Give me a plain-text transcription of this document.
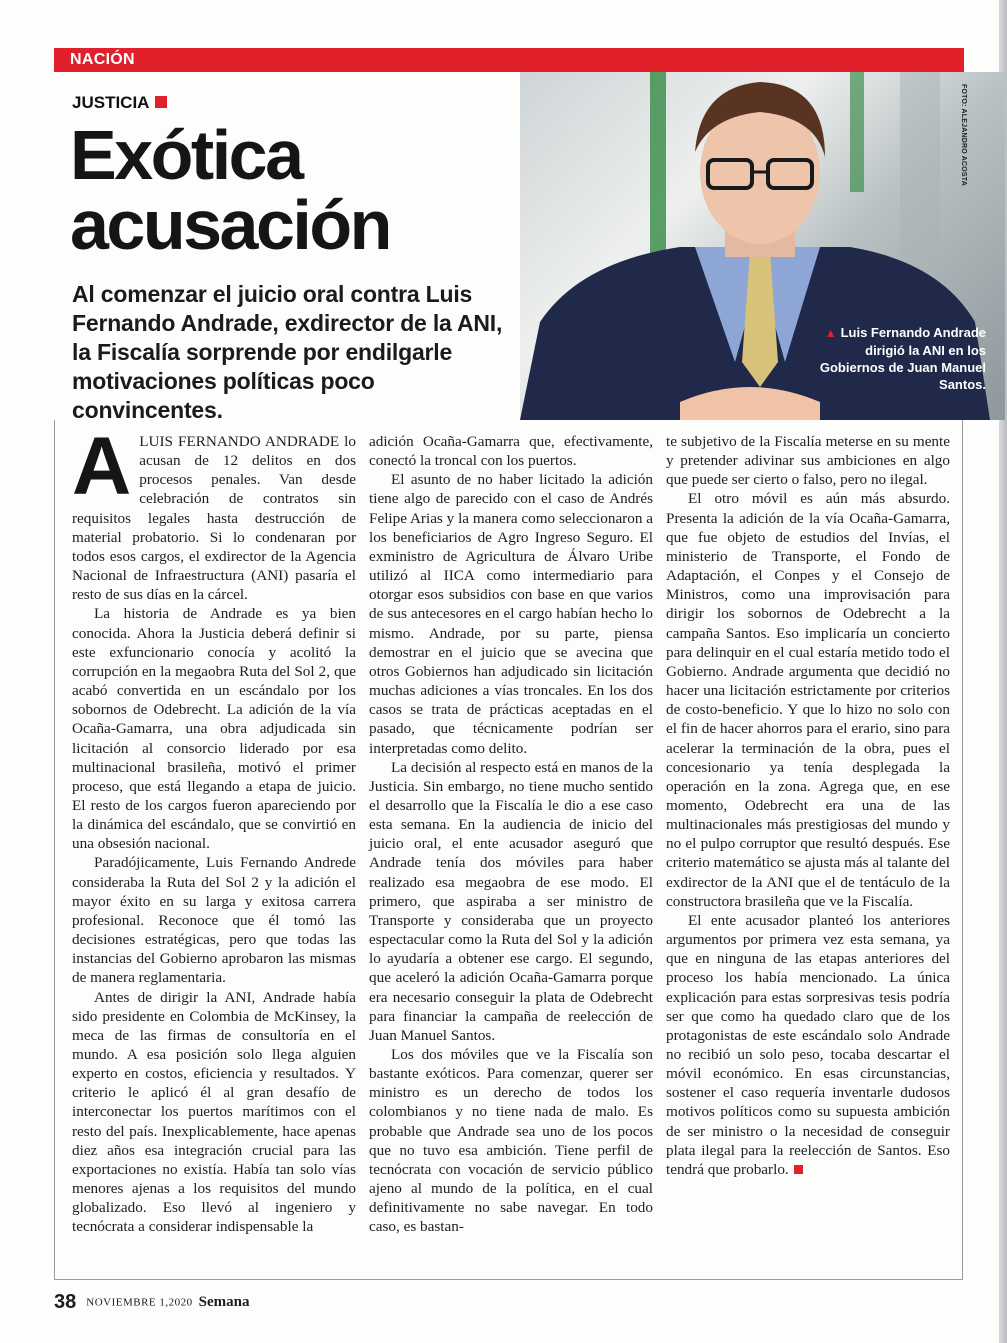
NACIÓN
FOTO: ALEJANDRO ACOSTA
▲ Luis Fernando Andrade dirigió la ANI en los Gobiernos de Juan Manuel Santos.
JUSTICIA
Exótica
acusación
Al comenzar el juicio oral contra Luis Fernando Andrade, exdirector de la ANI, la Fiscalía sorprende por endilgarle motivaciones políticas poco convincentes.
A LUIS FERNANDO ANDRADE lo acusan de 12 delitos en dos procesos penales. Van desde celebración de contratos sin requisitos legales hasta destrucción de material probatorio. Si lo condenaran por todos esos cargos, el exdirector de la Agencia Nacional de Infraestructura (ANI) pasaría el resto de sus días en la cárcel.

La historia de Andrade es ya bien conocida. Ahora la Justicia deberá definir si este exfuncionario conocía y acolitó la corrupción en la megaobra Ruta del Sol 2, que acabó convertida en un escándalo por los sobornos de Odebrecht. La adición de la vía Ocaña-Gamarra, una obra adjudicada sin licitación al consorcio liderado por esa multinacional brasileña, motivó el primer proceso, que está llegando a etapa de juicio. El resto de los cargos fueron apareciendo por la dinámica del escándalo, que se convirtió en una obsesión nacional.

Paradójicamente, Luis Fernando Andrede consideraba la Ruta del Sol 2 y la adición el mayor éxito en su larga y exitosa carrera profesional. Reconoce que él tomó las decisiones estratégicas, pero que todas las instancias del Gobierno aprobaron las mismas de manera reglamentaria.

Antes de dirigir la ANI, Andrade había sido presidente en Colombia de McKinsey, la meca de las firmas de consultoría en el mundo. A esa posición solo llega alguien experto en costos, eficiencia y resultados. Y criterio le aplicó él al gran desafío de interconectar los puertos marítimos con el resto del país. Inexplicablemente, hace apenas diez años esa integración crucial para las exportaciones no existía. Había tan solo vías menores ajenas a los requisitos del mundo globalizado. Eso llevó al ingeniero y tecnócrata a considerar indispensable la

adición Ocaña-Gamarra que, efectivamente, conectó la troncal con los puertos.

El asunto de no haber licitado la adición tiene algo de parecido con el caso de Andrés Felipe Arias y la manera como seleccionaron a los beneficiarios de Agro Ingreso Seguro. El exministro de Agricultura de Álvaro Uribe utilizó al IICA como intermediario para otorgar esos subsidios con base en que varios de sus antecesores en el cargo habían hecho lo mismo. Andrade, por su parte, piensa demostrar en el juicio que se avecina que otros Gobiernos han adjudicado sin licitación muchas adiciones a vías troncales. En los dos casos se trata de prácticas aceptadas en el pasado, que técnicamente podrían ser interpretadas como delito.

La decisión al respecto está en manos de la Justicia. Sin embargo, no tiene mucho sentido el desarrollo que la Fiscalía le dio a ese caso esta semana. En la audiencia de inicio del juicio oral, el ente acusador aseguró que Andrade tenía dos móviles para haber realizado esa megaobra de ese modo. El primero, que aspiraba a ser ministro de Transporte y consideraba que un proyecto espectacular como la Ruta del Sol y la adición lo ayudaría a obtener ese cargo. El segundo, que aceleró la adición Ocaña-Gamarra porque era necesario conseguir la plata de Odebrecht para financiar la campaña de reelección de Juan Manuel Santos.

Los dos móviles que ve la Fiscalía son bastante exóticos. Para comenzar, querer ser ministro es un derecho de todos los colombianos y no tiene nada de malo. Es probable que Andrade sea uno de los pocos que no tuvo esa ambición. Tiene perfil de tecnócrata con vocación de servicio público ajeno al mundo de la política, en el cual definitivamente no sabe navegar. En todo caso, es bastan-

te subjetivo de la Fiscalía meterse en su mente y pretender adivinar sus ambiciones en algo que puede ser cierto o falso, pero no ilegal.

El otro móvil es aún más absurdo. Presenta la adición de la vía Ocaña-Gamarra, que fue objeto de estudios del Invías, el ministerio de Transporte, el Fondo de Adaptación, el Conpes y el Consejo de Ministros, como una improvisación para dirigir los sobornos de Odebrecht a la campaña Santos. Eso implicaría un concierto para delinquir en el cual estaría metido todo el Gobierno. Andrade argumenta que decidió no hacer una licitación estrictamente por criterios de costo-beneficio. Y que lo hizo no solo con el fin de hacer ahorros para el erario, sino para acelerar la terminación de la obra, pues el concesionario ya tenía desplegada la operación en la zona. Agrega que, en ese momento, Odebrecht era una de las multinacionales más prestigiosas del mundo y no el pulpo corruptor que resultó después. Ese criterio matemático se ajusta más al talante del exdirector de la ANI que el de tentáculo de la constructora brasileña que ve la Fiscalía.

El ente acusador planteó los anteriores argumentos por primera vez esta semana, ya que en ninguna de las etapas anteriores del proceso los había mencionado. La única explicación para estas sorpresivas tesis podría ser que como ha quedado claro que de los protagonistas de este escándalo solo Andrade no recibió un solo peso, tocaba descartar el móvil económico. En esas circunstancias, sostener el caso requería inventarle dudosos motivos políticos como su supuesta ambición de ser ministro o la necesidad de conseguir plata ilegal para la reelección de Santos. Eso tendrá que probarlo.

38 NOVIEMBRE 1,2020 Semana
